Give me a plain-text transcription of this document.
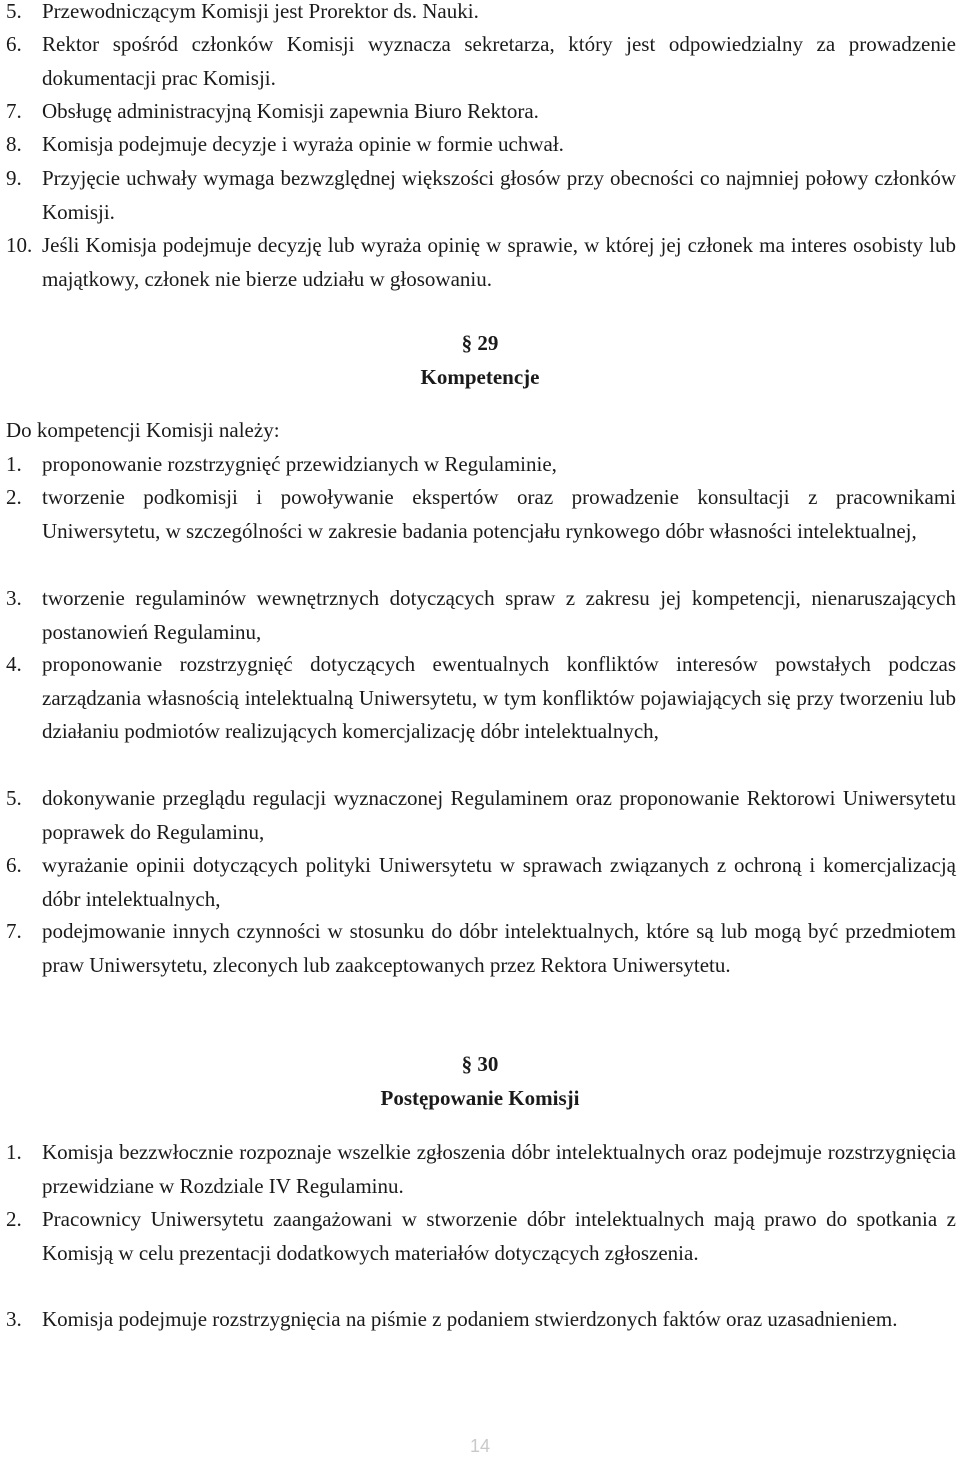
5. Przewodniczącym Komisji jest Prorektor ds. Nauki.
6. Rektor spośród członków Komisji wyznacza sekretarza, który jest odpowiedzialny za prowadzenie dokumentacji prac Komisji.
7. Obsługę administracyjną Komisji zapewnia Biuro Rektora.
8. Komisja podejmuje decyzje i wyraża opinie w formie uchwał.
9. Przyjęcie uchwały wymaga bezwzględnej większości głosów przy obecności co najmniej połowy członków Komisji.
10. Jeśli Komisja podejmuje decyzję lub wyraża opinię w sprawie, w której jej członek ma interes osobisty lub majątkowy, członek nie bierze udziału w głosowaniu.
§ 29
Kompetencje
Do kompetencji Komisji należy:
1. proponowanie rozstrzygnięć przewidzianych w Regulaminie,
2. tworzenie podkomisji i powoływanie ekspertów oraz prowadzenie konsultacji z pracownikami Uniwersytetu, w szczególności w zakresie badania potencjału rynkowego dóbr własności intelektualnej,
3. tworzenie regulaminów wewnętrznych dotyczących spraw z zakresu jej kompetencji, nienaruszających postanowień Regulaminu,
4. proponowanie rozstrzygnięć dotyczących ewentualnych konfliktów interesów powstałych podczas zarządzania własnością intelektualną Uniwersytetu, w tym konfliktów pojawiających się przy tworzeniu lub działaniu podmiotów realizujących komercjalizację dóbr intelektualnych,
5. dokonywanie przeglądu regulacji wyznaczonej Regulaminem oraz proponowanie Rektorowi Uniwersytetu poprawek do Regulaminu,
6. wyrażanie opinii dotyczących polityki Uniwersytetu w sprawach związanych z ochroną i komercjalizacją dóbr intelektualnych,
7. podejmowanie innych czynności w stosunku do dóbr intelektualnych, które są lub mogą być przedmiotem praw Uniwersytetu, zleconych lub zaakceptowanych przez Rektora Uniwersytetu.
§ 30
Postępowanie Komisji
1. Komisja bezzwłocznie rozpoznaje wszelkie zgłoszenia dóbr intelektualnych oraz podejmuje rozstrzygnięcia przewidziane w Rozdziale IV Regulaminu.
2. Pracownicy Uniwersytetu zaangażowani w stworzenie dóbr intelektualnych mają prawo do spotkania z Komisją w celu prezentacji dodatkowych materiałów dotyczących zgłoszenia.
3. Komisja podejmuje rozstrzygnięcia na piśmie z podaniem stwierdzonych faktów oraz uzasadnieniem.
14
